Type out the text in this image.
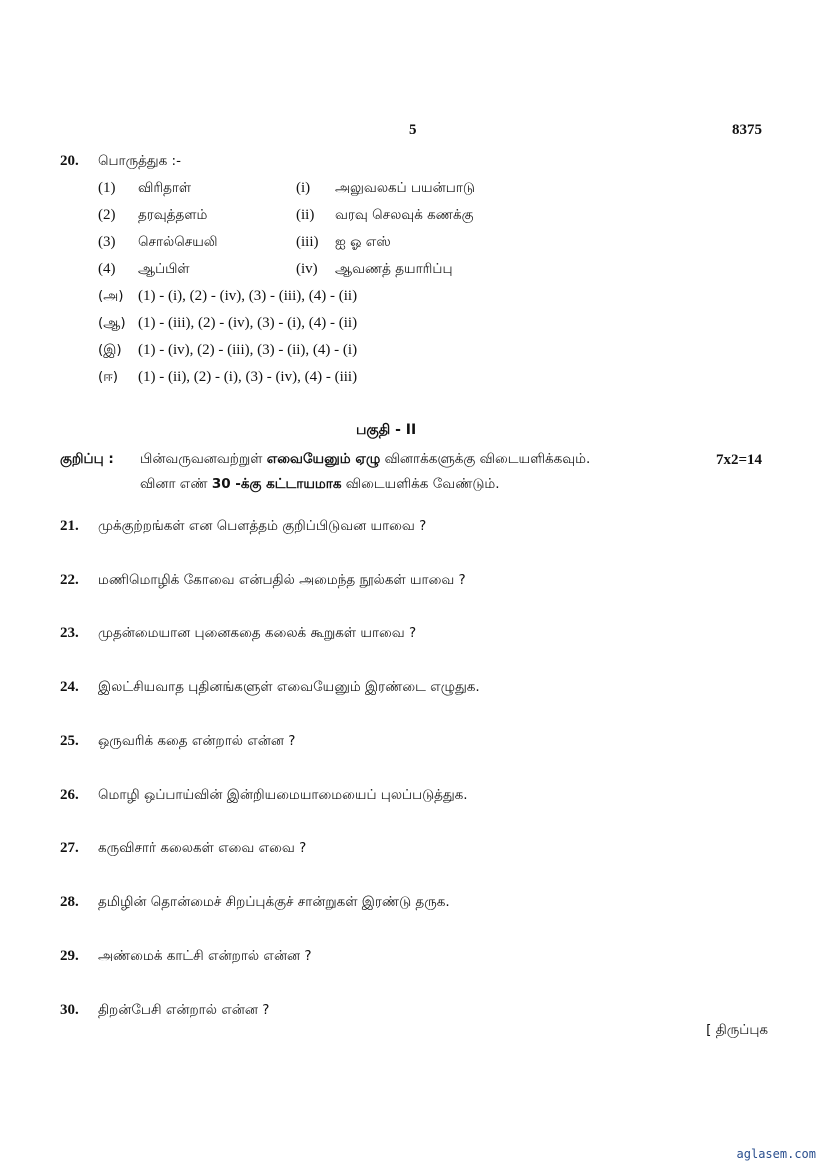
5	8375
20. பொருத்துக :-
(1) விரிதாள்	(i) அலுவலகப் பயன்பாடு
(2) தரவுத்தளம்	(ii) வரவு செலவுக் கணக்கு
(3) சொல்செயலி	(iii) ஐ ஓ எஸ்
(4) ஆப்பிள்	(iv) ஆவணத் தயாரிப்பு
(அ) (1) - (i), (2) - (iv), (3) - (iii), (4) - (ii)
(ஆ) (1) - (iii), (2) - (iv), (3) - (i), (4) - (ii)
(இ) (1) - (iv), (2) - (iii), (3) - (ii), (4) - (i)
(ஈ) (1) - (ii), (2) - (i), (3) - (iv), (4) - (iii)
பகுதி - II
குறிப்பு : பின்வருவனவற்றுள் எவையேனும் ஏழு வினாக்களுக்கு விடையளிக்கவும்.	7x2=14
வினா எண் 30 -க்கு கட்டாயமாக விடையளிக்க வேண்டும்.
21. முக்குற்றங்கள் என பௌத்தம் குறிப்பிடுவன யாவை ?
22. மணிமொழிக் கோவை என்பதில் அமைந்த நூல்கள் யாவை ?
23. முதன்மையான புனைகதை கலைக் கூறுகள் யாவை ?
24. இலட்சியவாத புதினங்களுள் எவையேனும் இரண்டை எழுதுக.
25. ஒருவரிக் கதை என்றால் என்ன ?
26. மொழி ஒப்பாய்வின் இன்றியமையாமையைப் புலப்படுத்துக.
27. கருவிசார் கலைகள் எவை எவை ?
28. தமிழின் தொன்மைச் சிறப்புக்குச் சான்றுகள் இரண்டு தருக.
29. அண்மைக் காட்சி என்றால் என்ன ?
30. திறன்பேசி என்றால் என்ன ?
[ திருப்புக
aglasem.com
